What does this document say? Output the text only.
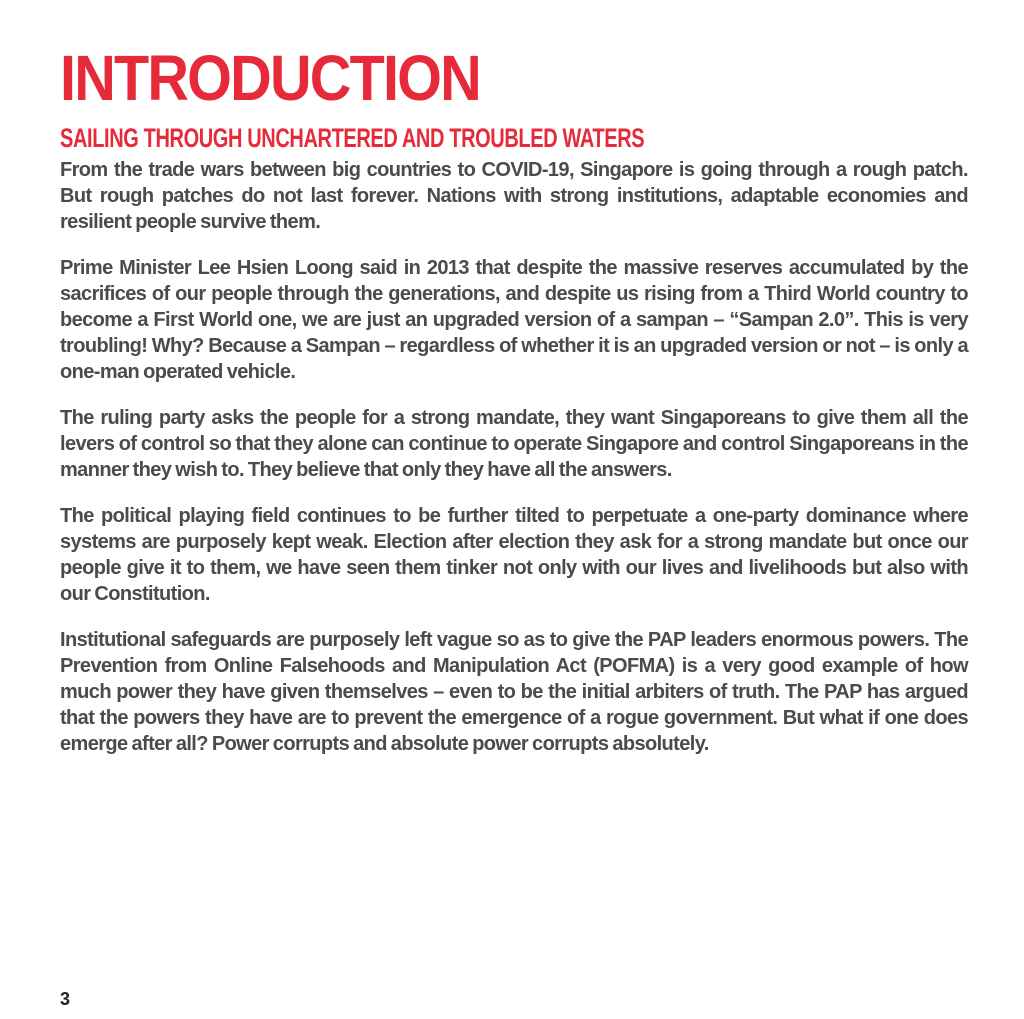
INTRODUCTION
SAILING THROUGH UNCHARTERED AND TROUBLED WATERS

From the trade wars between big countries to COVID-19, Singapore is going through a rough patch. But rough patches do not last forever. Nations with strong institutions, adaptable economies and resilient people survive them.

Prime Minister Lee Hsien Loong said in 2013 that despite the massive reserves accumulated by the sacrifices of our people through the generations, and despite us rising from a Third World country to become a First World one, we are just an upgraded version of a sampan – “Sampan 2.0”. This is very troubling! Why? Because a Sampan – regardless of whether it is an upgraded version or not – is only a one-man operated vehicle.

The ruling party asks the people for a strong mandate, they want Singaporeans to give them all the levers of control so that they alone can continue to operate Singapore and control Singaporeans in the manner they wish to. They believe that only they have all the answers.

The political playing field continues to be further tilted to perpetuate a one-party dominance where systems are purposely kept weak. Election after election they ask for a strong mandate but once our people give it to them, we have seen them tinker not only with our lives and livelihoods but also with our Constitution.

Institutional safeguards are purposely left vague so as to give the PAP leaders enormous powers. The Prevention from Online Falsehoods and Manipulation Act (POFMA) is a very good example of how much power they have given themselves – even to be the initial arbiters of truth. The PAP has argued that the powers they have are to prevent the emergence of a rogue government. But what if one does emerge after all? Power corrupts and absolute power corrupts absolutely.

3
